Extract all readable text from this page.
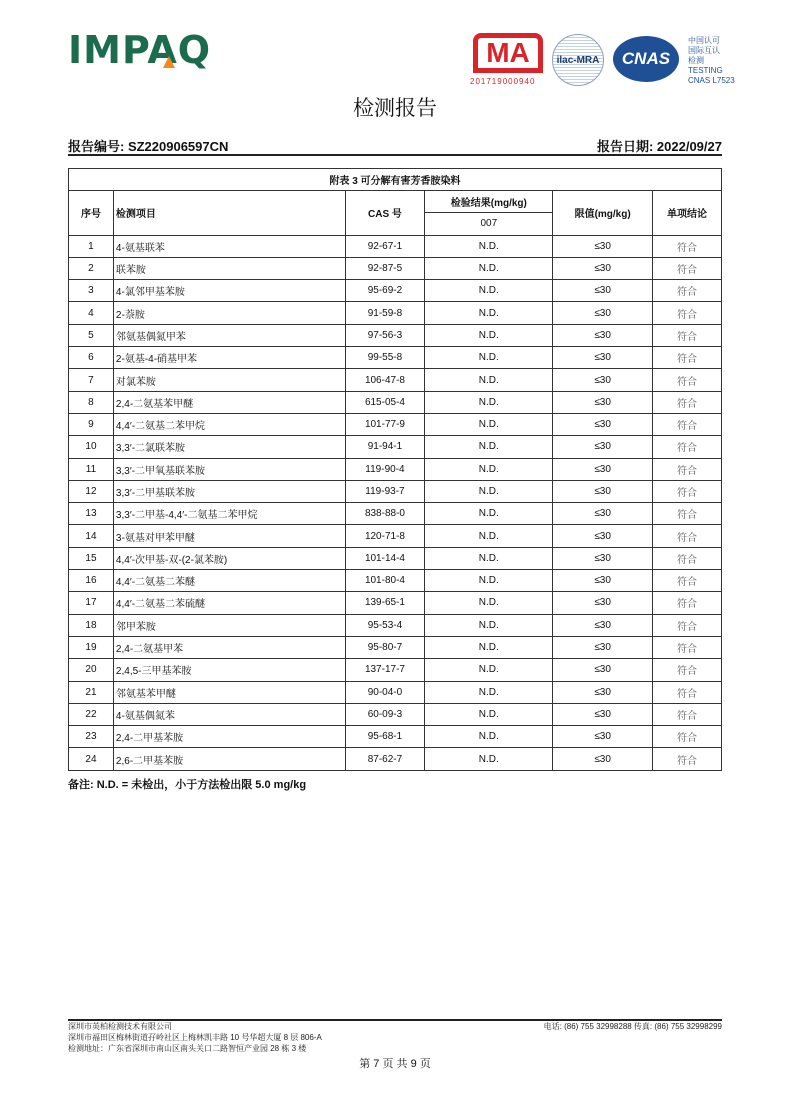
IMPAQ	MA
201719000940
ilac-MRA	CNAS
中国认可
国际互认
检测
TESTING
CNAS L7523
检测报告
报告编号: SZ220906597CN	报告日期: 2022/09/27
附表 3 可分解有害芳香胺染料					
序号	检测项目	CAS 号	检验结果(mg/kg)	限值(mg/kg)	单项结论
			007		
1	4-氨基联苯	92-67-1	N.D.	≤30	符合
2	联苯胺	92-87-5	N.D.	≤30	符合
3	4-氯邻甲基苯胺	95-69-2	N.D.	≤30	符合
4	2-萘胺	91-59-8	N.D.	≤30	符合
5	邻氨基偶氮甲苯	97-56-3	N.D.	≤30	符合
6	2-氨基-4-硝基甲苯	99-55-8	N.D.	≤30	符合
7	对氯苯胺	106-47-8	N.D.	≤30	符合
8	2,4-二氨基苯甲醚	615-05-4	N.D.	≤30	符合
9	4,4′-二氨基二苯甲烷	101-77-9	N.D.	≤30	符合
10	3,3′-二氯联苯胺	91-94-1	N.D.	≤30	符合
11	3,3′-二甲氧基联苯胺	119-90-4	N.D.	≤30	符合
12	3,3′-二甲基联苯胺	119-93-7	N.D.	≤30	符合
13	3,3′-二甲基-4,4′-二氨基二苯甲烷	838-88-0	N.D.	≤30	符合
14	3-氨基对甲苯甲醚	120-71-8	N.D.	≤30	符合
15	4,4′-次甲基-双-(2-氯苯胺)	101-14-4	N.D.	≤30	符合
16	4,4′-二氨基二苯醚	101-80-4	N.D.	≤30	符合
17	4,4′-二氨基二苯硫醚	139-65-1	N.D.	≤30	符合
18	邻甲苯胺	95-53-4	N.D.	≤30	符合
19	2,4-二氨基甲苯	95-80-7	N.D.	≤30	符合
20	2,4,5-三甲基苯胺	137-17-7	N.D.	≤30	符合
21	邻氨基苯甲醚	90-04-0	N.D.	≤30	符合
22	4-氨基偶氮苯	60-09-3	N.D.	≤30	符合
23	2,4-二甲基苯胺	95-68-1	N.D.	≤30	符合
24	2,6-二甲基苯胺	87-62-7	N.D.	≤30	符合
备注: N.D. = 未检出，小于方法检出限 5.0 mg/kg
深圳市英柏检测技术有限公司
深圳市福田区梅林街道孖岭社区上梅林凯丰路 10 号华超大厦 8 层 806-A
检测地址：广东省深圳市南山区南头关口二路智恒产业园 28 栋 3 楼
电话: (86) 755 32998288 传真: (86) 755 32998299
第 7 页 共 9 页
